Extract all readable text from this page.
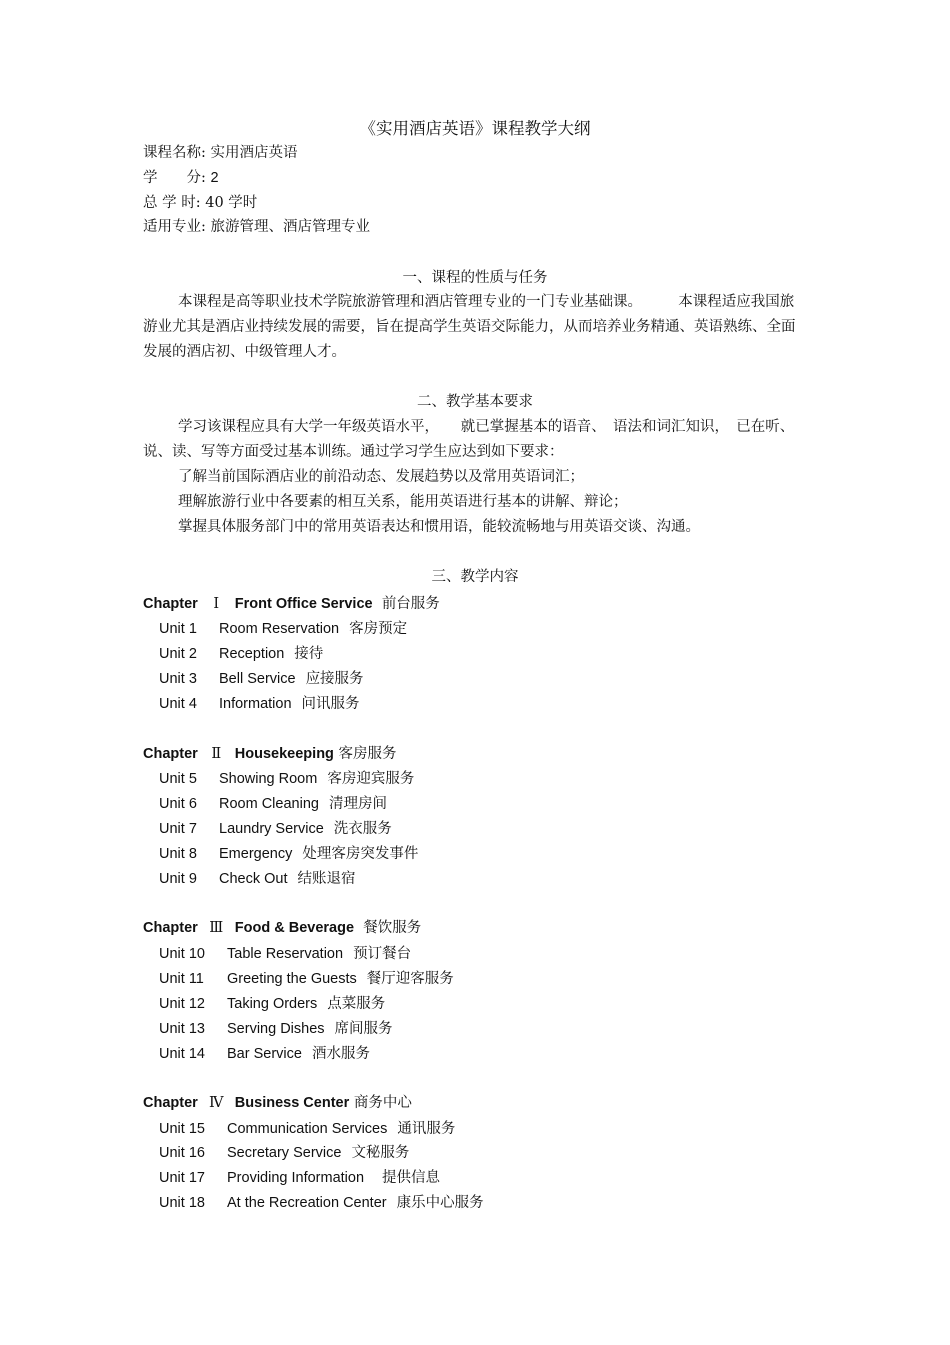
《实用酒店英语》课程教学大纲
课程名称: 实用酒店英语
学　　分: 2
总 学 时: 40 学时
适用专业: 旅游管理、酒店管理专业
一、课程的性质与任务
本课程是高等职业技术学院旅游管理和酒店管理专业的一门专业基础课。　　　本课程适应我国旅游业尤其是酒店业持续发展的需要，旨在提高学生英语交际能力，从而培养业务精通、英语熟练、全面发展的酒店初、中级管理人才。
二、教学基本要求
学习该课程应具有大学一年级英语水平，　　就已掌握基本的语音、　语法和词汇知识，　已在听、说、读、写等方面受过基本训练。通过学习学生应达到如下要求：
了解当前国际酒店业的前沿动态、发展趋势以及常用英语词汇；
理解旅游行业中各要素的相互关系，能用英语进行基本的讲解、辩论；
掌握具体服务部门中的常用英语表达和惯用语，能较流畅地与用英语交谈、沟通。
三、教学内容
Chapter Ⅰ Front Office Service 前台服务
Unit 1 Room Reservation 客房预定
Unit 2 Reception 接待
Unit 3 Bell Service 应接服务
Unit 4 Information 问讯服务
Chapter Ⅱ Housekeeping 客房服务
Unit 5 Showing Room 客房迎宾服务
Unit 6 Room Cleaning 清理房间
Unit 7 Laundry Service 洗衣服务
Unit 8 Emergency 处理客房突发事件
Unit 9 Check Out 结账退宿
Chapter Ⅲ Food & Beverage 餐饮服务
Unit 10 Table Reservation 预订餐台
Unit 11 Greeting the Guests 餐厅迎客服务
Unit 12 Taking Orders 点菜服务
Unit 13 Serving Dishes 席间服务
Unit 14 Bar Service 酒水服务
Chapter Ⅳ Business Center 商务中心
Unit 15 Communication Services 通讯服务
Unit 16 Secretary Service 文秘服务
Unit 17 Providing Information 提供信息
Unit 18 At the Recreation Center 康乐中心服务
